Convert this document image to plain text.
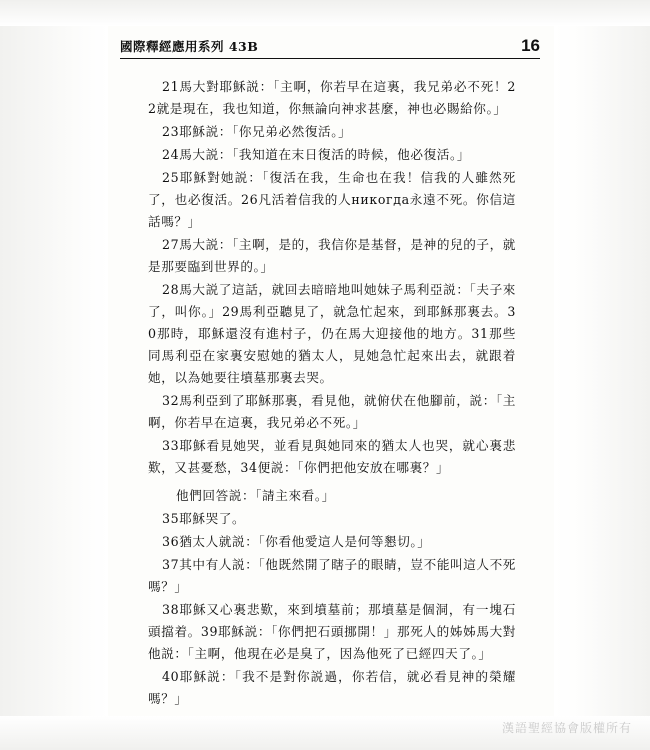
國際釋經應用系列 43B	16

21馬大對耶穌説：「主啊，你若早在這裏，我兄弟必不死！22就是現在，我也知道，你無論向神求甚麼，神也必賜給你。」

23耶穌説：「你兄弟必然復活。」

24馬大説：「我知道在末日復活的時候，他必復活。」

25耶穌對她説：「復活在我，生命也在我！信我的人雖然死了，也必復活。26凡活着信我的人никогда永遠不死。你信這話嗎？」

27馬大説：「主啊，是的，我信你是基督，是神的兒的子，就是那要臨到世界的。」

28馬大説了這話，就回去暗暗地叫她妹子馬利亞説：「夫子來了，叫你。」29馬利亞聽見了，就急忙起來，到耶穌那裏去。30那時，耶穌還沒有進村子，仍在馬大迎接他的地方。31那些同馬利亞在家裏安慰她的猶太人，見她急忙起來出去，就跟着她，以為她要往墳墓那裏去哭。

32馬利亞到了耶穌那裏，看見他，就俯伏在他腳前，説：「主啊，你若早在這裏，我兄弟必不死。」

33耶穌看見她哭，並看見與她同來的猶太人也哭，就心裏悲歎，又甚憂愁，34便説：「你們把他安放在哪裏？」

他們回答説：「請主來看。」

35耶穌哭了。

36猶太人就説：「你看他愛這人是何等懇切。」

37其中有人説：「他既然開了瞎子的眼睛，豈不能叫這人不死嗎？」

38耶穌又心裏悲歎，來到墳墓前；那墳墓是個洞，有一塊石頭擋着。39耶穌説：「你們把石頭挪開！」那死人的姊姊馬大對他説：「主啊，他現在必是臭了，因為他死了已經四天了。」

40耶穌説：「我不是對你説過，你若信，就必看見神的榮耀嗎？」

漢語聖經協會版權所有
